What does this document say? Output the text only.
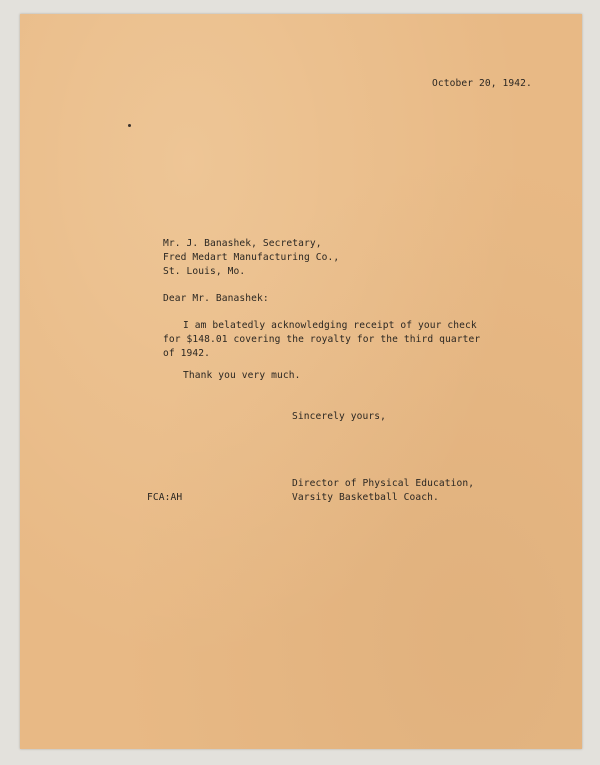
October 20, 1942.
Mr. J. Banashek, Secretary,
Fred Medart Manufacturing Co.,
St. Louis, Mo.
Dear Mr. Banashek:
I am belatedly acknowledging receipt of your check
for $148.01 covering the royalty for the third quarter
of 1942.
Thank you very much.
Sincerely yours,
Director of Physical Education,
Varsity Basketball Coach.
FCA:AH
